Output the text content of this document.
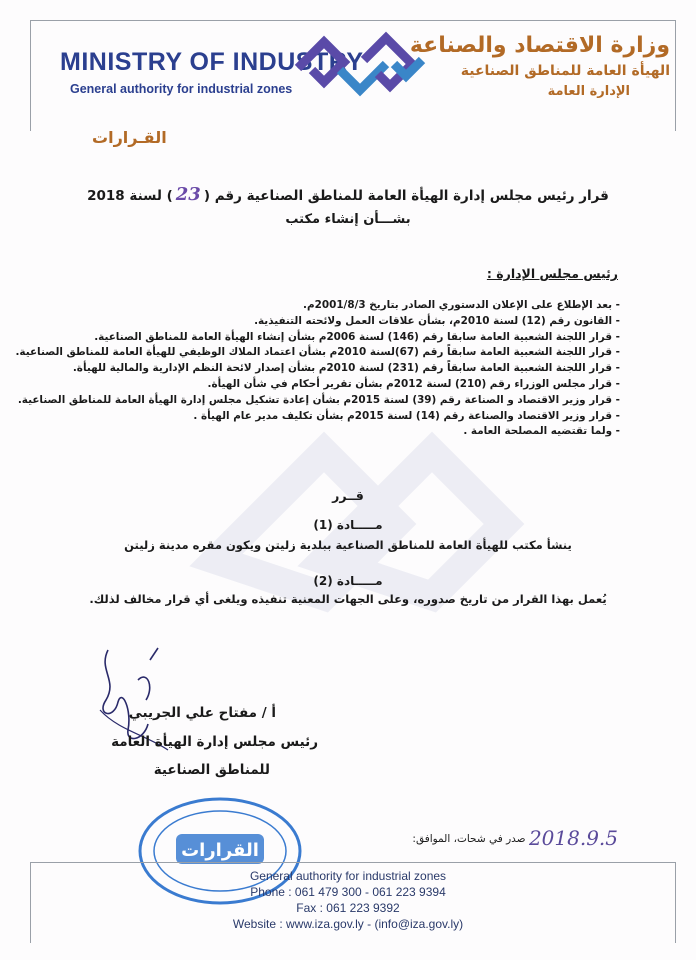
MINISTRY OF INDUSTRY
General authority for industrial zones
وزارة الاقتصاد والصناعة
الهيأة العامة للمناطق الصناعية
الإدارة العامة
القـرارات
قرار رئيس مجلس إدارة الهيأة العامة للمناطق الصناعية رقم (23) لسنة 2018
بشـــأن إنشاء مكتب
رئيس مجلس الإدارة :
- بعد الإطلاع على الإعلان الدستوري الصادر بتاريخ 2001/8/3م.
- القانون رقم (12) لسنة 2010م، بشأن علاقات العمل ولائحته التنفيذية.
- قرار اللجنة الشعبية العامة سابقا رقم (146) لسنة 2006م بشأن إنشاء الهيأة العامة للمناطق الصناعية.
- قرار اللجنة الشعبية العامة سابقاً رقم (67)لسنة 2010م بشأن اعتماد الملاك الوظيفي للهيأة العامة للمناطق الصناعية.
- قرار اللجنة الشعبية العامة سابقاً رقم (231) لسنة 2010م بشأن إصدار لائحة النظم الإدارية والمالية للهيأة.
- قرار مجلس الوزراء رقم (210) لسنة 2012م بشأن تقرير أحكام في شأن الهيأة.
- قرار وزير الاقتصاد و الصناعة رقم (39) لسنة 2015م بشأن إعادة تشكيل مجلس إدارة الهيأة العامة للمناطق الصناعية.
- قرار وزير الاقتصاد والصناعة رقم (14) لسنة 2015م بشأن تكليف مدير عام الهيأة .
- ولما تقتضيه المصلحة العامة .
قــرر
مـــــادة (1)
ينشأ مكتب للهيأة العامة للمناطق الصناعية ببلدية زليتن ويكون مقره مدينة زليتن
مـــــادة (2)
يُعمل بهذا القرار من تاريخ صدوره، وعلى الجهات المعنية تنفيذه ويلغى أي قرار مخالف لذلك.
أ / مفتاح علي الجريبي
رئيس مجلس إدارة الهيأة العامة
للمناطق الصناعية
القرارات
2018.9.5 صدر في شحات، الموافق:
General authority for industrial zones
Phone : 061 479 300 - 061 223 9394
Fax : 061 223 9392
Website : www.iza.gov.ly - (info@iza.gov.ly)
